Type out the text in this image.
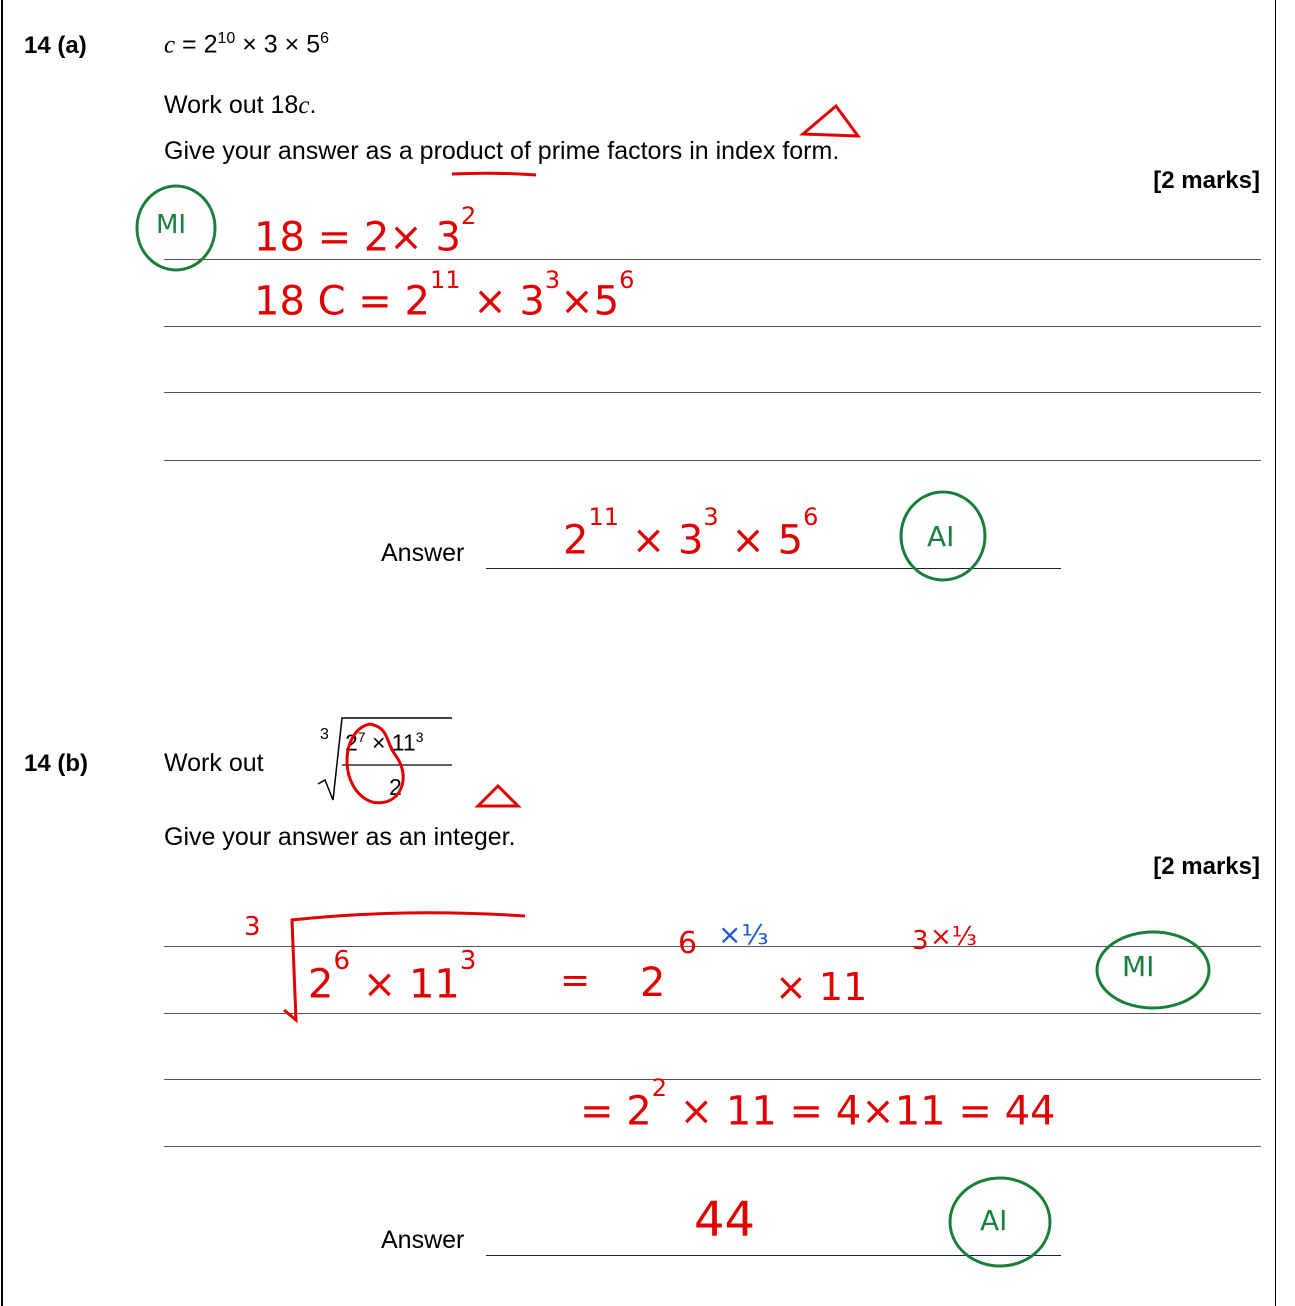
14 (a)	$c = 2^{10} \times 3 \times 5^6$
Work out 18c.
Give your answer as a product of prime factors in index form.
[2 marks]
$18 = 2\times 3^2$
18 $C = 2^{11} \times 3^3\times 5^6$
MI
Answer $2^{11} \times 3^3 \times 5^6$
AI
14 (b)	Work out
3 $2^7 \times 11^3$
2
Give your answer as an integer.
[2 marks]
3
$2^6 \times 11^3 = 2$
6 ×⅓
× 11
3 ×⅓
= $2^2 \times 11 = 4\times 11 = 44$
MI
Answer	44	AI
